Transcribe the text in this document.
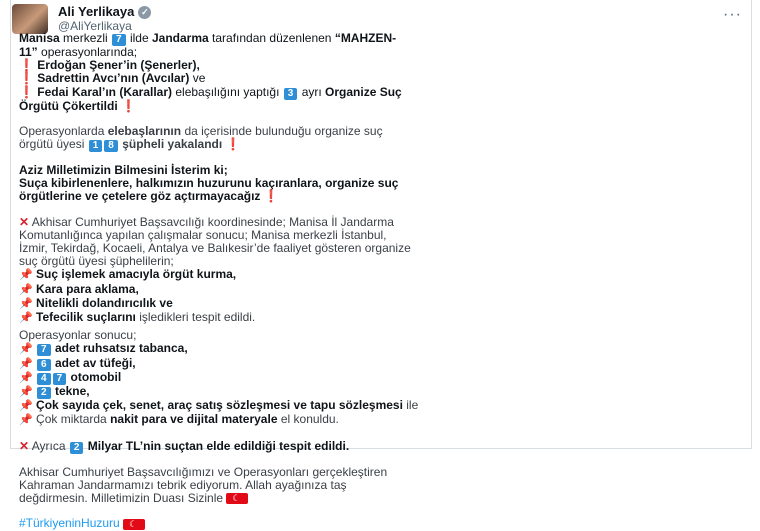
Ali Yerlikaya ✓
@AliYerlikaya
···

Manisa merkezli 7 ilde Jandarma tarafından düzenlenen “MAHZEN-

11” operasyonlarında;

❗ Erdoğan Şener’in (Şenerler),

❗ Sadrettin Avcı’nın (Avcılar) ve

❗ Fedai Karal’ın (Karallar) elebaşılığını yaptığı 3 ayrı Organize Suç

Örgütü Çökertildi ❗

Operasyonlarda elebaşlarının da içerisinde bulunduğu organize suç

örgütü üyesi 1 8 şüpheli yakalandı ❗

Aziz Milletimizin Bilmesini İsterim ki;

Suça kibirlenenlere, halkımızın huzurunu kaçıranlara, organize suç

örgütlerine ve çetelere göz açtırmayacağız ❗

✕ Akhisar Cumhuriyet Başsavcılığı koordinesinde; Manisa İl Jandarma

Komutanlığınca yapılan çalışmalar sonucu; Manisa merkezli İstanbul,

İzmir, Tekirdağ, Kocaeli, Antalya ve Balıkesir’de faaliyet gösteren organize

suç örgütü üyesi şüphelilerin;

📌 Suç işlemek amacıyla örgüt kurma,

📌 Kara para aklama,

📌 Nitelikli dolandırıcılık ve

📌 Tefecilik suçlarını işledikleri tespit edildi.

Operasyonlar sonucu;

📌 7 adet ruhsatsız tabanca,

📌 6 adet av tüfeği,

📌 4 7 otomobil

📌 2 tekne,

📌 Çok sayıda çek, senet, araç satış sözleşmesi ve tapu sözleşmesi ile

📌 Çok miktarda nakit para ve dijital materyale el konuldu.

✕ Ayrıca 2 Milyar TL’nin suçtan elde edildiği tespit edildi.

Akhisar Cumhuriyet Başsavcılığımızı ve Operasyonları gerçekleştiren

Kahraman Jandarmamızı tebrik ediyorum. Allah ayağınıza taş

değdirmesin. Milletimizin Duası Sizinle ☾

#TürkiyeninHuzuru ☾
